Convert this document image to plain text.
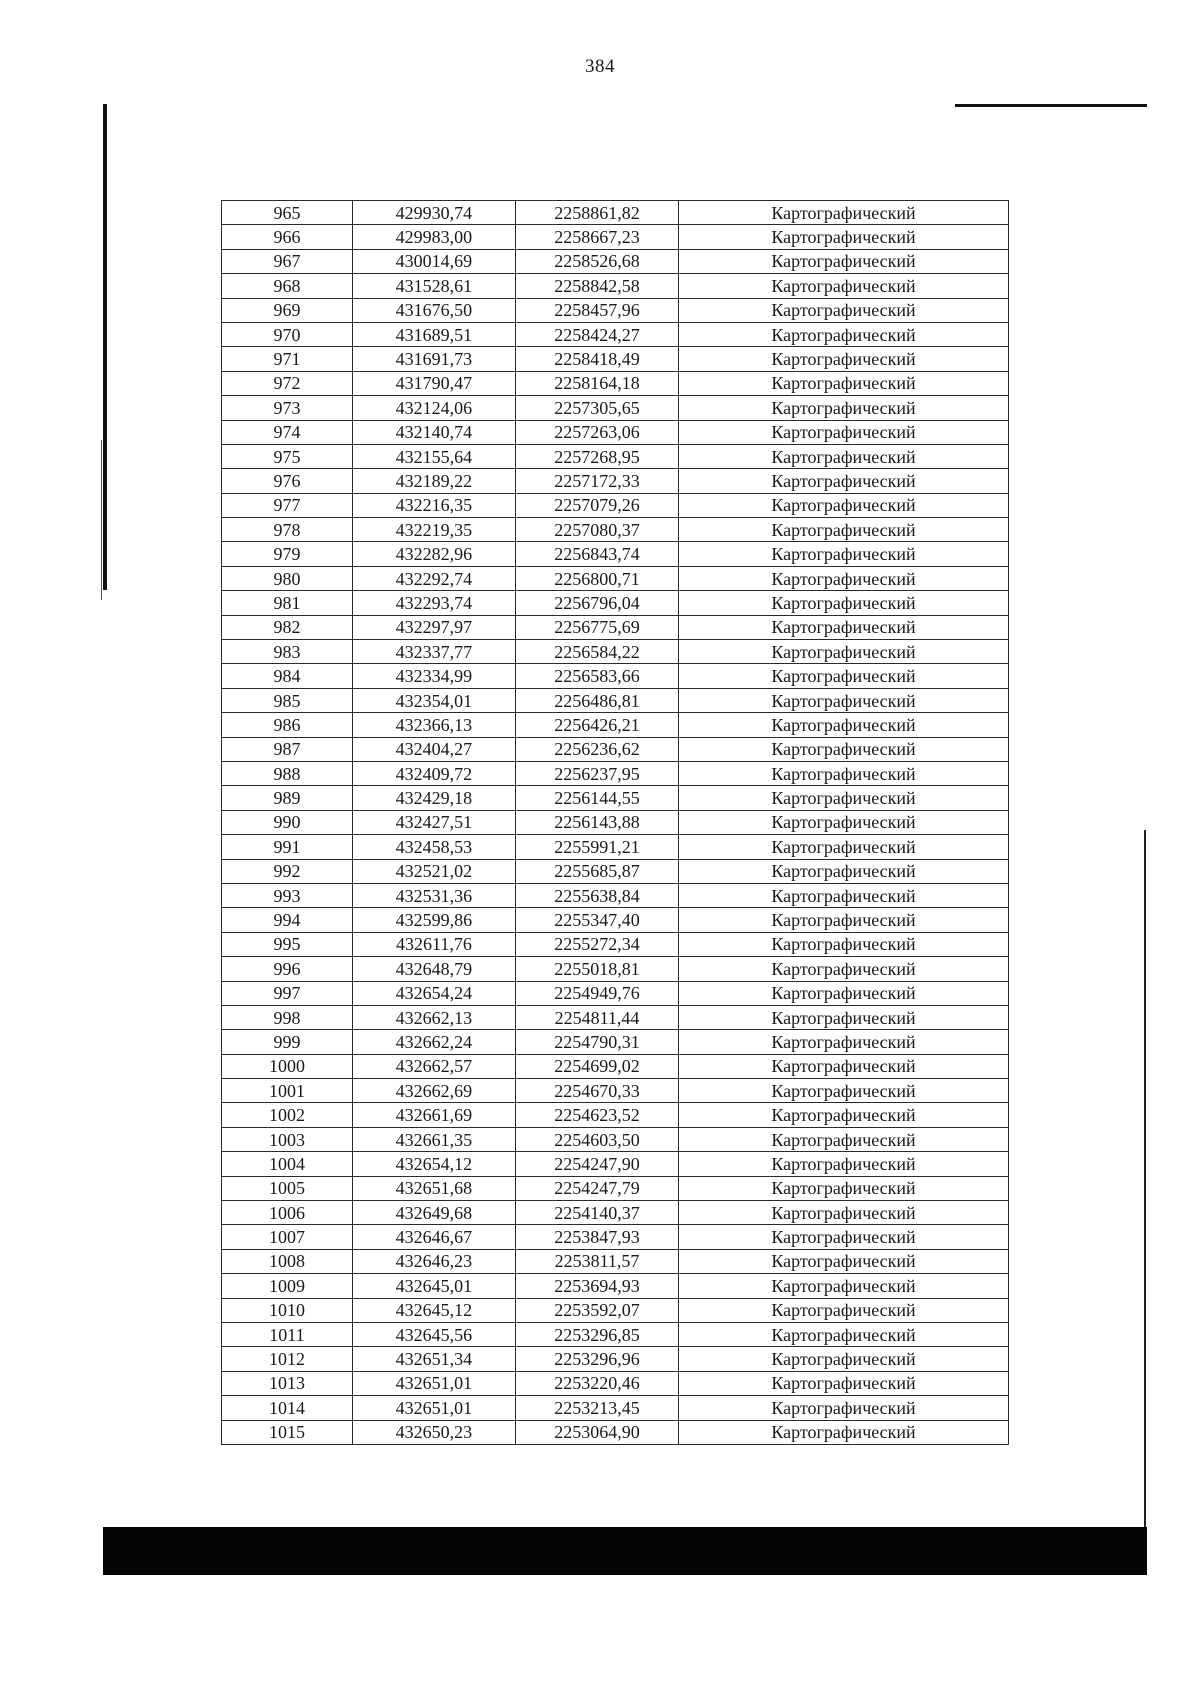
384
965	429930,74	2258861,82	Картографический
966	429983,00	2258667,23	Картографический
967	430014,69	2258526,68	Картографический
968	431528,61	2258842,58	Картографический
969	431676,50	2258457,96	Картографический
970	431689,51	2258424,27	Картографический
971	431691,73	2258418,49	Картографический
972	431790,47	2258164,18	Картографический
973	432124,06	2257305,65	Картографический
974	432140,74	2257263,06	Картографический
975	432155,64	2257268,95	Картографический
976	432189,22	2257172,33	Картографический
977	432216,35	2257079,26	Картографический
978	432219,35	2257080,37	Картографический
979	432282,96	2256843,74	Картографический
980	432292,74	2256800,71	Картографический
981	432293,74	2256796,04	Картографический
982	432297,97	2256775,69	Картографический
983	432337,77	2256584,22	Картографический
984	432334,99	2256583,66	Картографический
985	432354,01	2256486,81	Картографический
986	432366,13	2256426,21	Картографический
987	432404,27	2256236,62	Картографический
988	432409,72	2256237,95	Картографический
989	432429,18	2256144,55	Картографический
990	432427,51	2256143,88	Картографический
991	432458,53	2255991,21	Картографический
992	432521,02	2255685,87	Картографический
993	432531,36	2255638,84	Картографический
994	432599,86	2255347,40	Картографический
995	432611,76	2255272,34	Картографический
996	432648,79	2255018,81	Картографический
997	432654,24	2254949,76	Картографический
998	432662,13	2254811,44	Картографический
999	432662,24	2254790,31	Картографический
1000	432662,57	2254699,02	Картографический
1001	432662,69	2254670,33	Картографический
1002	432661,69	2254623,52	Картографический
1003	432661,35	2254603,50	Картографический
1004	432654,12	2254247,90	Картографический
1005	432651,68	2254247,79	Картографический
1006	432649,68	2254140,37	Картографический
1007	432646,67	2253847,93	Картографический
1008	432646,23	2253811,57	Картографический
1009	432645,01	2253694,93	Картографический
1010	432645,12	2253592,07	Картографический
1011	432645,56	2253296,85	Картографический
1012	432651,34	2253296,96	Картографический
1013	432651,01	2253220,46	Картографический
1014	432651,01	2253213,45	Картографический
1015	432650,23	2253064,90	Картографический
